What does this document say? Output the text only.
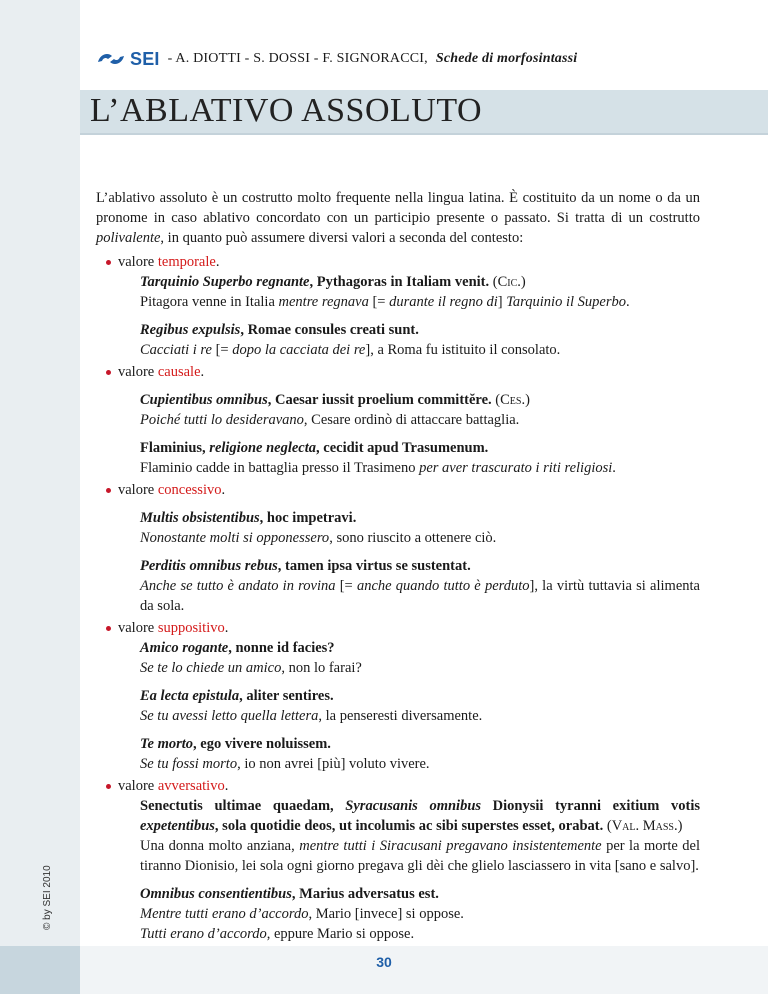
SEI - A. DIOTTI - S. DOSSI - F. SIGNORACCI, Schede di morfosintassi
L’ABLATIVO ASSOLUTO
© by SEI 2010

L’ablativo assoluto è un costrutto molto frequente nella lingua latina. È costituito da un nome o da un pronome in caso ablativo concordato con un participio presente o passato. Si tratta di un costrutto polivalente, in quanto può assumere diversi valori a seconda del contesto:

valore temporale.

Tarquinio Superbo regnante, Pythagoras in Italiam venit. (Cic.)

Pitagora venne in Italia mentre regnava [= durante il regno di] Tarquinio il Superbo.

Regibus expulsis, Romae consules creati sunt.

Cacciati i re [= dopo la cacciata dei re], a Roma fu istituito il consolato.

valore causale.

Cupientibus omnibus, Caesar iussit proelium committĕre. (Ces.)

Poiché tutti lo desideravano, Cesare ordinò di attaccare battaglia.

Flaminius, religione neglecta, cecidit apud Trasumenum.

Flaminio cadde in battaglia presso il Trasimeno per aver trascurato i riti religiosi.

valore concessivo.

Multis obsistentibus, hoc impetravi.

Nonostante molti si opponessero, sono riuscito a ottenere ciò.

Perditis omnibus rebus, tamen ipsa virtus se sustentat.

Anche se tutto è andato in rovina [= anche quando tutto è perduto], la virtù tuttavia si alimenta da sola.

valore suppositivo.

Amico rogante, nonne id facies?

Se te lo chiede un amico, non lo farai?

Ea lecta epistula, aliter sentires.

Se tu avessi letto quella lettera, la penseresti diversamente.

Te morto, ego vivere noluissem.

Se tu fossi morto, io non avrei [più] voluto vivere.

valore avversativo.

Senectutis ultimae quaedam, Syracusanis omnibus Dionysii tyranni exitium votis expetentibus, sola quotidie deos, ut incolumis ac sibi superstes esset, orabat. (Val. Mass.)

Una donna molto anziana, mentre tutti i Siracusani pregavano insistentemente per la morte del tiranno Dionisio, lei sola ogni giorno pregava gli dèi che glielo lasciassero in vita [sano e salvo].

Omnibus consentientibus, Marius adversatus est.

Mentre tutti erano d’accordo, Mario [invece] si oppose.

Tutti erano d’accordo, eppure Mario si oppose.

30
